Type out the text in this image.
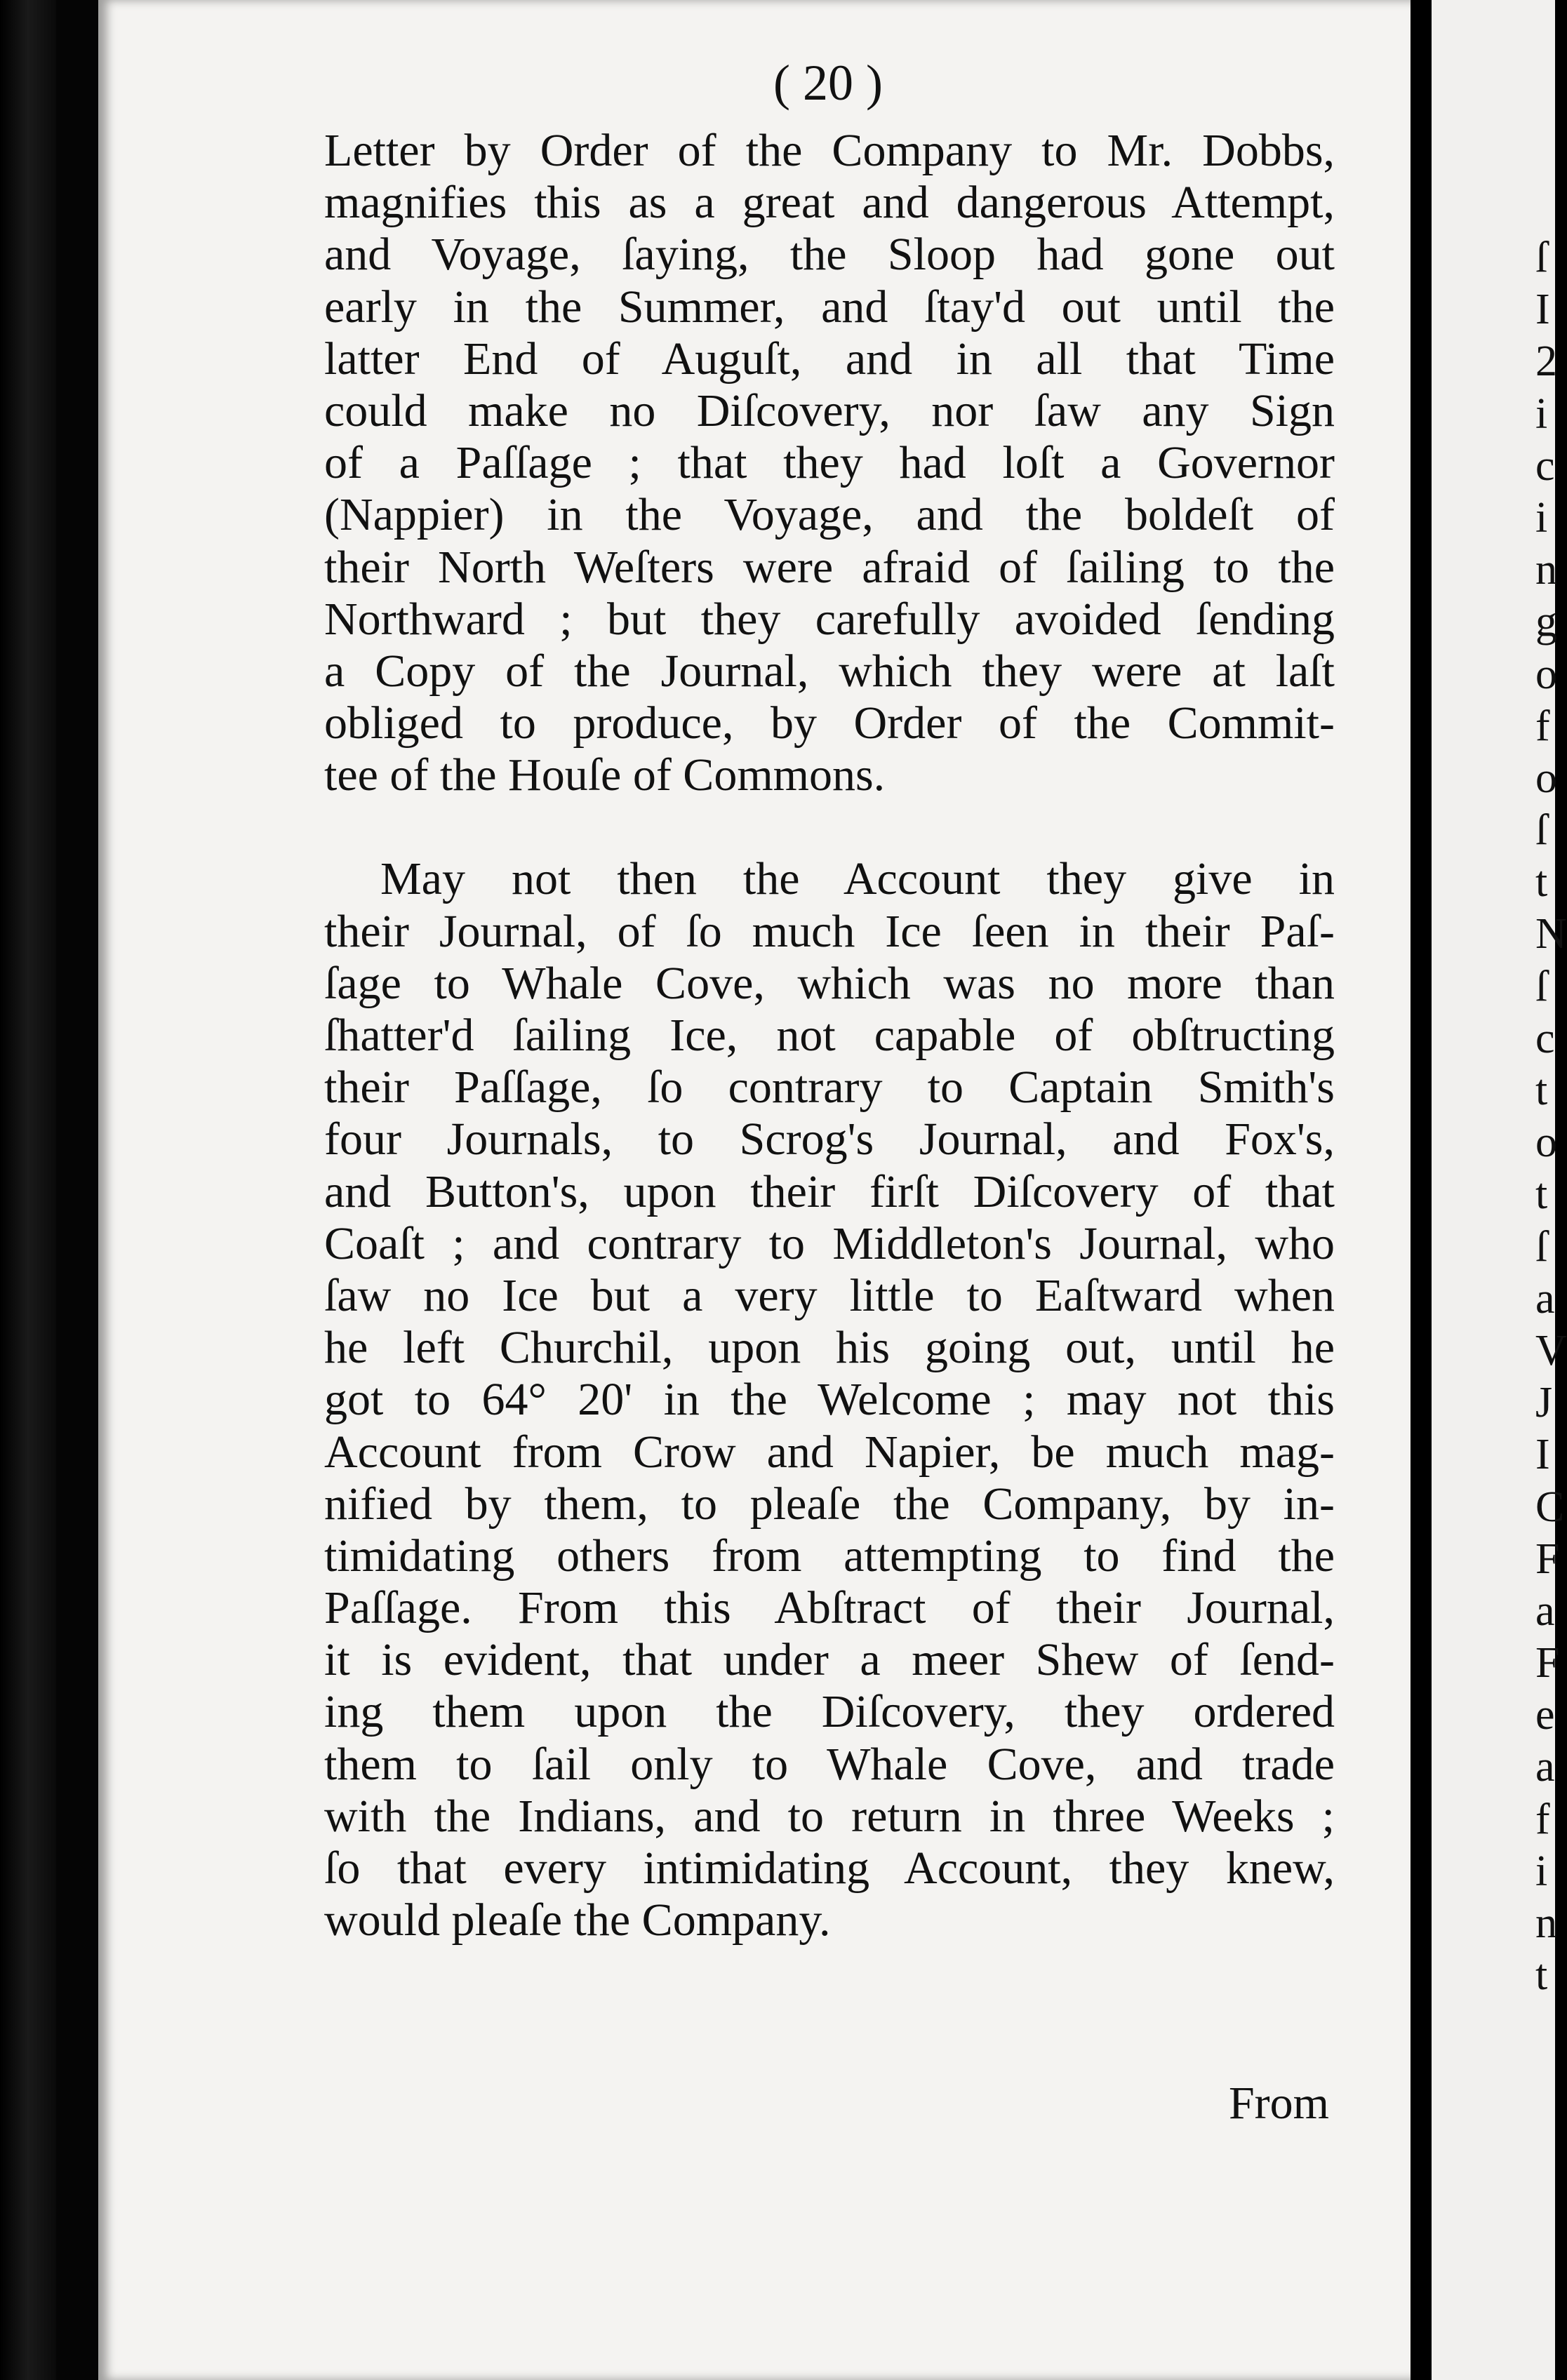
( 20 )
Letter by Order of the Company to Mr. Dobbs,
magnifies this as a great and dangerous Attempt,
and Voyage, ſaying, the Sloop had gone out
early in the Summer, and ſtay'd out until the
latter End of Auguſt, and in all that Time
could make no Diſcovery, nor ſaw any Sign
of a Paſſage ; that they had loſt a Governor
(Nappier) in the Voyage, and the boldeſt of
their North Weſters were afraid of ſailing to the
Northward ; but they carefully avoided ſending
a Copy of the Journal, which they were at laſt
obliged to produce, by Order of the Commit-
tee of the Houſe of Commons.
May not then the Account they give in
their Journal, of ſo much Ice ſeen in their Paſ-
ſage to Whale Cove, which was no more than
ſhatter'd ſailing Ice, not capable of obſtructing
their Paſſage, ſo contrary to Captain Smith's
four Journals, to Scrog's Journal, and Fox's,
and Button's, upon their firſt Diſcovery of that
Coaſt ; and contrary to Middleton's Journal, who
ſaw no Ice but a very little to Eaſtward when
he left Churchil, upon his going out, until he
got to 64° 20' in the Welcome ; may not this
Account from Crow and Napier, be much mag-
nified by them, to pleaſe the Company, by in-
timidating others from attempting to find the
Paſſage. From this Abſtract of their Journal,
it is evident, that under a meer Shew of ſend-
ing them upon the Diſcovery, they ordered
them to ſail only to Whale Cove, and trade
with the Indians, and to return in three Weeks ;
ſo that every intimidating Account, they knew,
would pleaſe the Company.
From
ſ
I
2
i
c
i
n
g
o
f
o
ſ
t
N
ſ
c
t
o
t
ſ
a
V
J
I
C
F
a
F
e
a
f
i
n
t
